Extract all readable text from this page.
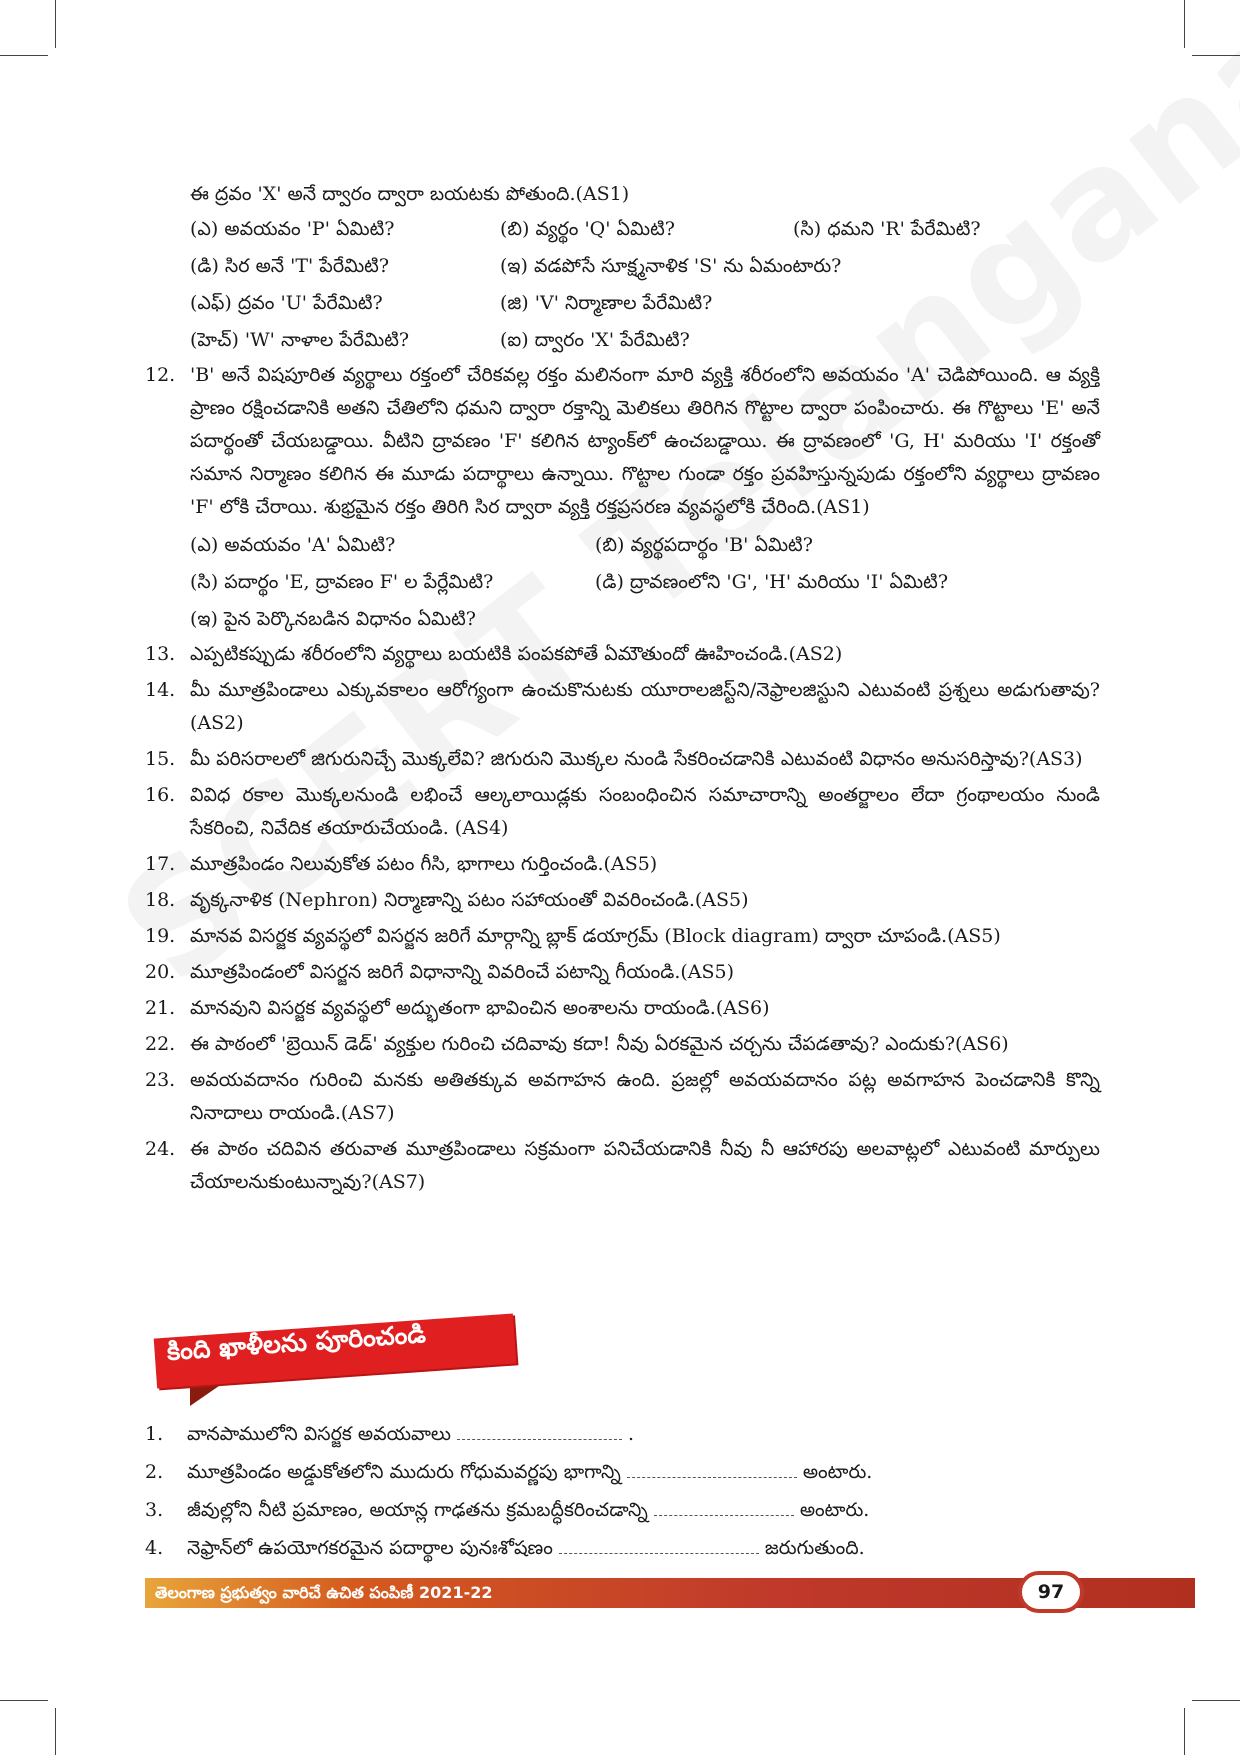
ఈ ద్రవం 'X' అనే ద్వారం ద్వారా బయటకు పోతుంది.(AS1)
(ఎ) అవయవం 'P' ఏమిటి?	(బి) వ్యర్థం 'Q' ఏమిటి?	(సి) ధమని 'R' పేరేమిటి?
(డి) సిర అనే 'T' పేరేమిటి?	(ఇ) వడపోసే సూక్ష్మనాళిక 'S' ను ఏమంటారు?
(ఎఫ్) ద్రవం 'U' పేరేమిటి?	(జి) 'V' నిర్మాణాల పేరేమిటి?
(హెచ్) 'W' నాళాల పేరేమిటి?	(ఐ) ద్వారం 'X' పేరేమిటి?
12. 'B' అనే విషపూరిత వ్యర్థాలు రక్తంలో చేరికవల్ల రక్తం మలినంగా మారి వ్యక్తి శరీరంలోని అవయవం 'A' చెడిపోయింది. ఆ వ్యక్తి ప్రాణం రక్షించడానికి అతని చేతిలోని ధమని ద్వారా రక్తాన్ని మెలికలు తిరిగిన గొట్టాల ద్వారా పంపించారు. ఈ గొట్టాలు 'E' అనే పదార్థంతో చేయబడ్డాయి. వీటిని ద్రావణం 'F' కలిగిన ట్యాంక్‌లో ఉంచబడ్డాయి. ఈ ద్రావణంలో 'G, H' మరియు 'I' రక్తంతో సమాన నిర్మాణం కలిగిన ఈ మూడు పదార్థాలు ఉన్నాయి. గొట్టాల గుండా రక్తం ప్రవహిస్తున్నపుడు రక్తంలోని వ్యర్థాలు ద్రావణం 'F' లోకి చేరాయి. శుభ్రమైన రక్తం తిరిగి సిర ద్వారా వ్యక్తి రక్తప్రసరణ వ్యవస్థలోకి చేరింది.(AS1)
(ఎ) అవయవం 'A' ఏమిటి?	(బి) వ్యర్థపదార్థం 'B' ఏమిటి?
(సి) పదార్థం 'E, ద్రావణం F' ల పేర్లేమిటి?	(డి) ద్రావణంలోని 'G', 'H' మరియు 'I' ఏమిటి?
(ఇ) పైన పెర్కొనబడిన విధానం ఏమిటి?
13. ఎప్పటికప్పుడు శరీరంలోని వ్యర్థాలు బయటికి పంపకపోతే ఏమౌతుందో ఊహించండి.(AS2)
14. మీ మూత్రపిండాలు ఎక్కువకాలం ఆరోగ్యంగా ఉంచుకొనుటకు యూరాలజిస్ట్‌ని/నెఫ్రాలజిస్టుని ఎటువంటి ప్రశ్నలు అడుగుతావు?(AS2)
15. మీ పరిసరాలలో జిగురునిచ్చే మొక్కలేవి? జిగురుని మొక్కల నుండి సేకరించడానికి ఎటువంటి విధానం అనుసరిస్తావు?(AS3)
16. వివిధ రకాల మొక్కలనుండి లభించే ఆల్కలాయిడ్లకు సంబంధించిన సమాచారాన్ని అంతర్జాలం లేదా గ్రంథాలయం నుండి సేకరించి, నివేదిక తయారుచేయండి. (AS4)
17. మూత్రపిండం నిలువుకోత పటం గీసి, భాగాలు గుర్తించండి.(AS5)
18. వృక్కనాళిక (Nephron) నిర్మాణాన్ని పటం సహాయంతో వివరించండి.(AS5)
19. మానవ విసర్జక వ్యవస్థలో విసర్జన జరిగే మార్గాన్ని బ్లాక్ డయాగ్రమ్ (Block diagram) ద్వారా చూపండి.(AS5)
20. మూత్రపిండంలో విసర్జన జరిగే విధానాన్ని వివరించే పటాన్ని గీయండి.(AS5)
21. మానవుని విసర్జక వ్యవస్థలో అద్భుతంగా భావించిన అంశాలను రాయండి.(AS6)
22. ఈ పాఠంలో 'బ్రెయిన్ డెడ్' వ్యక్తుల గురించి చదివావు కదా! నీవు ఏరకమైన చర్చను చేపడతావు? ఎందుకు?(AS6)
23. అవయవదానం గురించి మనకు అతితక్కువ అవగాహన ఉంది. ప్రజల్లో అవయవదానం పట్ల అవగాహన పెంచడానికి కొన్ని నినాదాలు రాయండి.(AS7)
24. ఈ పాఠం చదివిన తరువాత మూత్రపిండాలు సక్రమంగా పనిచేయడానికి నీవు నీ ఆహారపు అలవాట్లలో ఎటువంటి మార్పులు చేయాలనుకుంటున్నావు?(AS7)
కింది ఖాళీలను పూరించండి
1. వానపాములోని విసర్జక అవయవాలు	.
2. మూత్రపిండం అడ్డుకోతలోని ముదురు గోధుమవర్ణపు భాగాన్ని	అంటారు.
3. జీవుల్లోని నీటి ప్రమాణం, అయాన్ల గాఢతను క్రమబద్ధీకరించడాన్ని	అంటారు.
4. నెఫ్రాన్‌లో ఉపయోగకరమైన పదార్థాల పునఃశోషణం	జరుగుతుంది.
తెలంగాణ ప్రభుత్వం వారిచే ఉచిత పంపిణీ 2021-22	97
